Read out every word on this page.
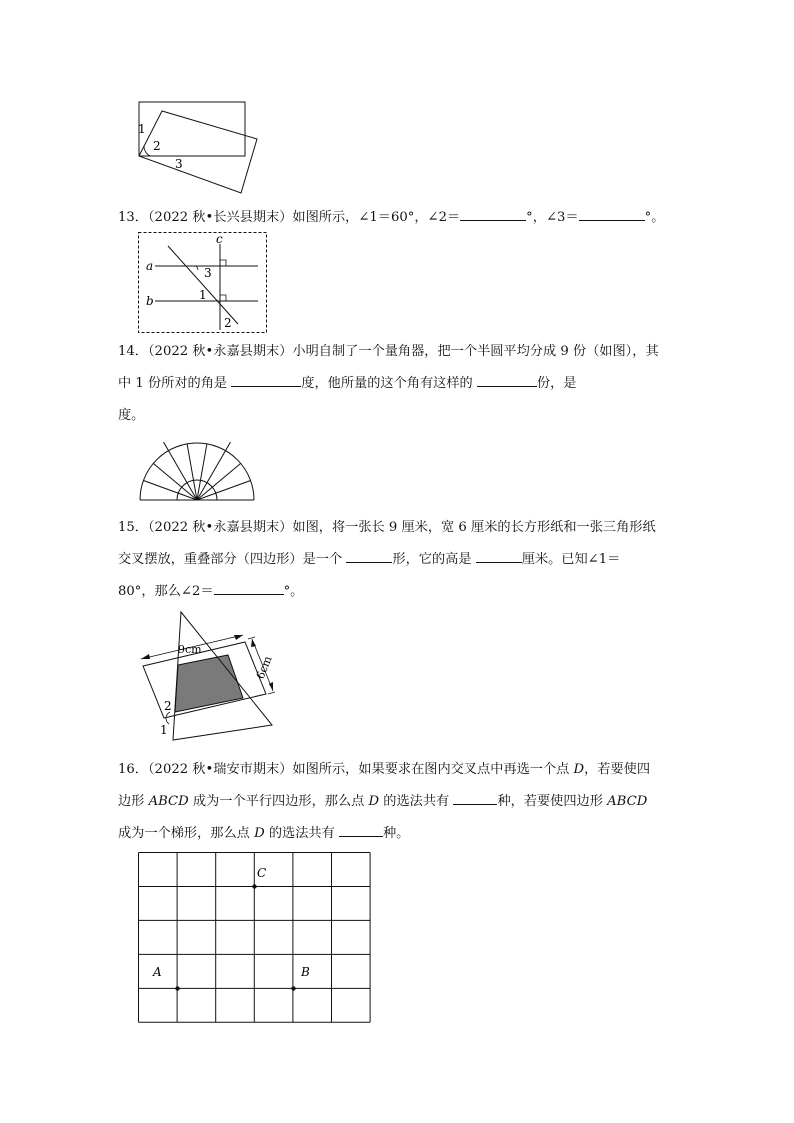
1
2
3
13．（2022 秋•长兴县期末）如图所示，∠1＝60°，∠2＝	°，∠3＝	°。
c
a
b
3
1
2
14．（2022 秋•永嘉县期末）小明自制了一个量角器，把一个半圆平均分成 9 份（如图），其
中 1 份所对的角是	度，他所量的这个角有这样的	份，是
度。
15．（2022 秋•永嘉县期末）如图，将一张长 9 厘米，宽 6 厘米的长方形纸和一张三角形纸
交叉摆放，重叠部分（四边形）是一个	形，它的高是	厘米。已知∠1＝
80°，那么∠2＝	°。
9cm
6cm
2
1
16．（2022 秋•瑞安市期末）如图所示，如果要求在图内交叉点中再选一个点 D，若要使四
边形 ABCD 成为一个平行四边形，那么点 D 的选法共有	种，若要使四边形 ABCD
成为一个梯形，那么点 D 的选法共有	种。
C
A	B
